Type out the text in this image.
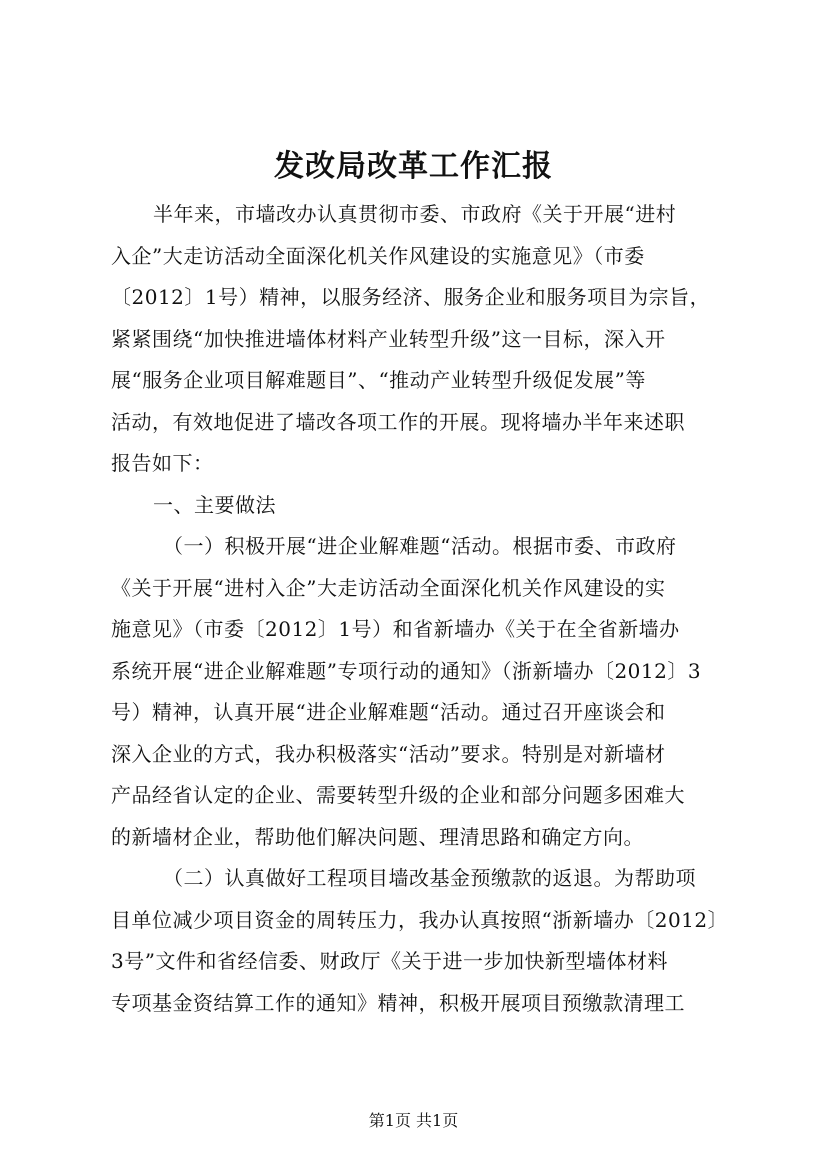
发改局改革工作汇报
半年来，市墙改办认真贯彻市委、市政府《关于开展“进村
入企”大走访活动全面深化机关作风建设的实施意见》（市委
〔2012〕1号）精神，以服务经济、服务企业和服务项目为宗旨，
紧紧围绕“加快推进墙体材料产业转型升级”这一目标，深入开
展“服务企业项目解难题目”、“推动产业转型升级促发展”等
活动，有效地促进了墙改各项工作的开展。现将墙办半年来述职
报告如下：
一、主要做法
（一）积极开展“进企业解难题“活动。根据市委、市政府
《关于开展“进村入企”大走访活动全面深化机关作风建设的实
施意见》（市委〔2012〕1号）和省新墙办《关于在全省新墙办
系统开展“进企业解难题”专项行动的通知》（浙新墙办〔2012〕3
号）精神，认真开展“进企业解难题“活动。通过召开座谈会和
深入企业的方式，我办积极落实“活动”要求。特别是对新墙材
产品经省认定的企业、需要转型升级的企业和部分问题多困难大
的新墙材企业，帮助他们解决问题、理清思路和确定方向。
（二）认真做好工程项目墙改基金预缴款的返退。为帮助项
目单位减少项目资金的周转压力，我办认真按照“浙新墙办〔2012〕
3号”文件和省经信委、财政厅《关于进一步加快新型墙体材料
专项基金资结算工作的通知》精神，积极开展项目预缴款清理工
第1页 共1页
